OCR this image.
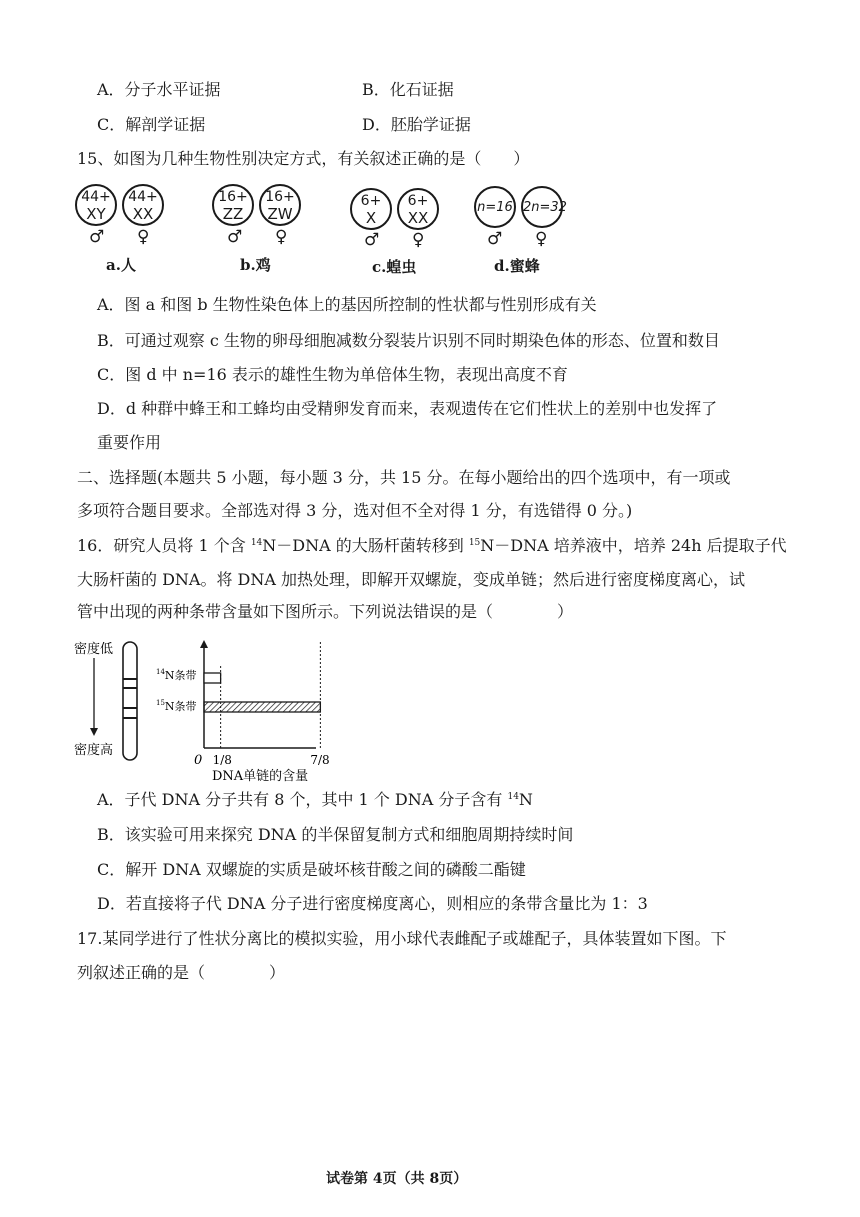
A．分子水平证据	B．化石证据
C．解剖学证据	D．胚胎学证据
15、如图为几种生物性别决定方式，有关叙述正确的是（　　）
44+
XY
44+
XX
♂ ♀
a.人
16+
ZZ
16+
ZW
♂ ♀
b.鸡
6+
X
6+
XX
♂ ♀
c.蝗虫
n=16 2n=32
♂ ♀
d.蜜蜂
A．图 a 和图 b 生物性染色体上的基因所控制的性状都与性别形成有关
B．可通过观察 c 生物的卵母细胞减数分裂装片识别不同时期染色体的形态、位置和数目
C．图 d 中 n=16 表示的雄性生物为单倍体生物，表现出高度不育
D．d 种群中蜂王和工蜂均由受精卵发育而来，表观遗传在它们性状上的差别中也发挥了
重要作用
二、选择题(本题共 5 小题，每小题 3 分，共 15 分。在每小题给出的四个选项中，有一项或
多项符合题目要求。全部选对得 3 分，选对但不全对得 1 分，有选错得 0 分。)
16．研究人员将 1 个含 $^{14}$N－DNA 的大肠杆菌转移到 $^{15}$N－DNA 培养液中，培养 24h 后提取子代
大肠杆菌的 DNA。将 DNA 加热处理，即解开双螺旋，变成单链；然后进行密度梯度离心，试
管中出现的两种条带含量如下图所示。下列说法错误的是（　　　　）
密度低
密度高
$^{14}$N条带
$^{15}$N条带
0 1/8	7/8
DNA单链的含量
A．子代 DNA 分子共有 8 个，其中 1 个 DNA 分子含有 $^{14}$N
B．该实验可用来探究 DNA 的半保留复制方式和细胞周期持续时间
C．解开 DNA 双螺旋的实质是破坏核苷酸之间的磷酸二酯键
D．若直接将子代 DNA 分子进行密度梯度离心，则相应的条带含量比为 1：3
17.某同学进行了性状分离比的模拟实验，用小球代表雌配子或雄配子，具体装置如下图。下
列叙述正确的是（　　　　）
试卷第 4页（共 8页）
